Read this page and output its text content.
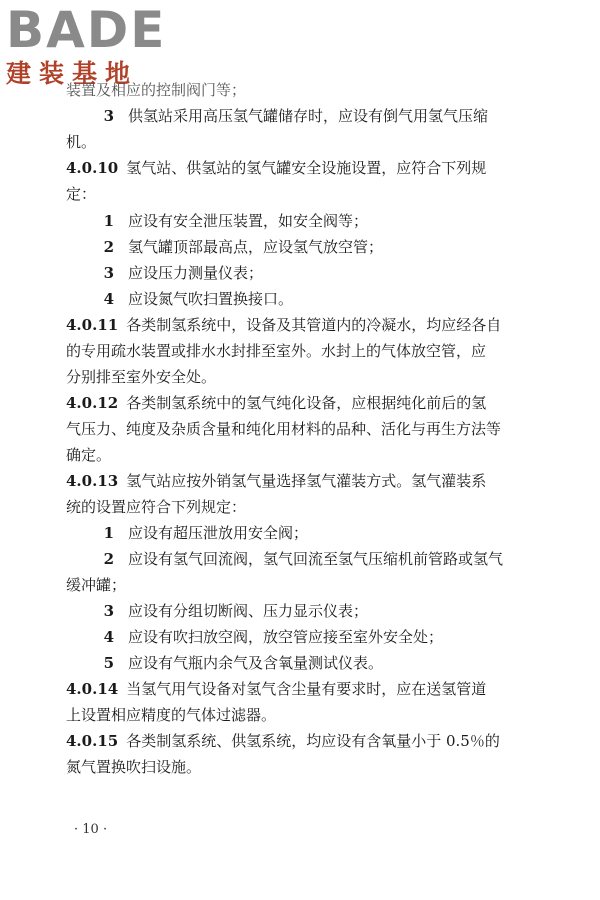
BADE
建装基地
装置及相应的控制阀门等；
3 供氢站采用高压氢气罐储存时，应设有倒气用氢气压缩
机。
4.0.10 氢气站、供氢站的氢气罐安全设施设置，应符合下列规
定：
1 应设有安全泄压装置，如安全阀等；
2 氢气罐顶部最高点，应设氢气放空管；
3 应设压力测量仪表；
4 应设氮气吹扫置换接口。
4.0.11 各类制氢系统中，设备及其管道内的冷凝水，均应经各自
的专用疏水装置或排水水封排至室外。水封上的气体放空管，应
分别排至室外安全处。
4.0.12 各类制氢系统中的氢气纯化设备，应根据纯化前后的氢
气压力、纯度及杂质含量和纯化用材料的品种、活化与再生方法等
确定。
4.0.13 氢气站应按外销氢气量选择氢气灌装方式。氢气灌装系
统的设置应符合下列规定：
1 应设有超压泄放用安全阀；
2 应设有氢气回流阀，氢气回流至氢气压缩机前管路或氢气
缓冲罐；
3 应设有分组切断阀、压力显示仪表；
4 应设有吹扫放空阀，放空管应接至室外安全处；
5 应设有气瓶内余气及含氧量测试仪表。
4.0.14 当氢气用气设备对氢气含尘量有要求时，应在送氢管道
上设置相应精度的气体过滤器。
4.0.15 各类制氢系统、供氢系统，均应设有含氧量小于 0.5％的
氮气置换吹扫设施。
· 10 ·
